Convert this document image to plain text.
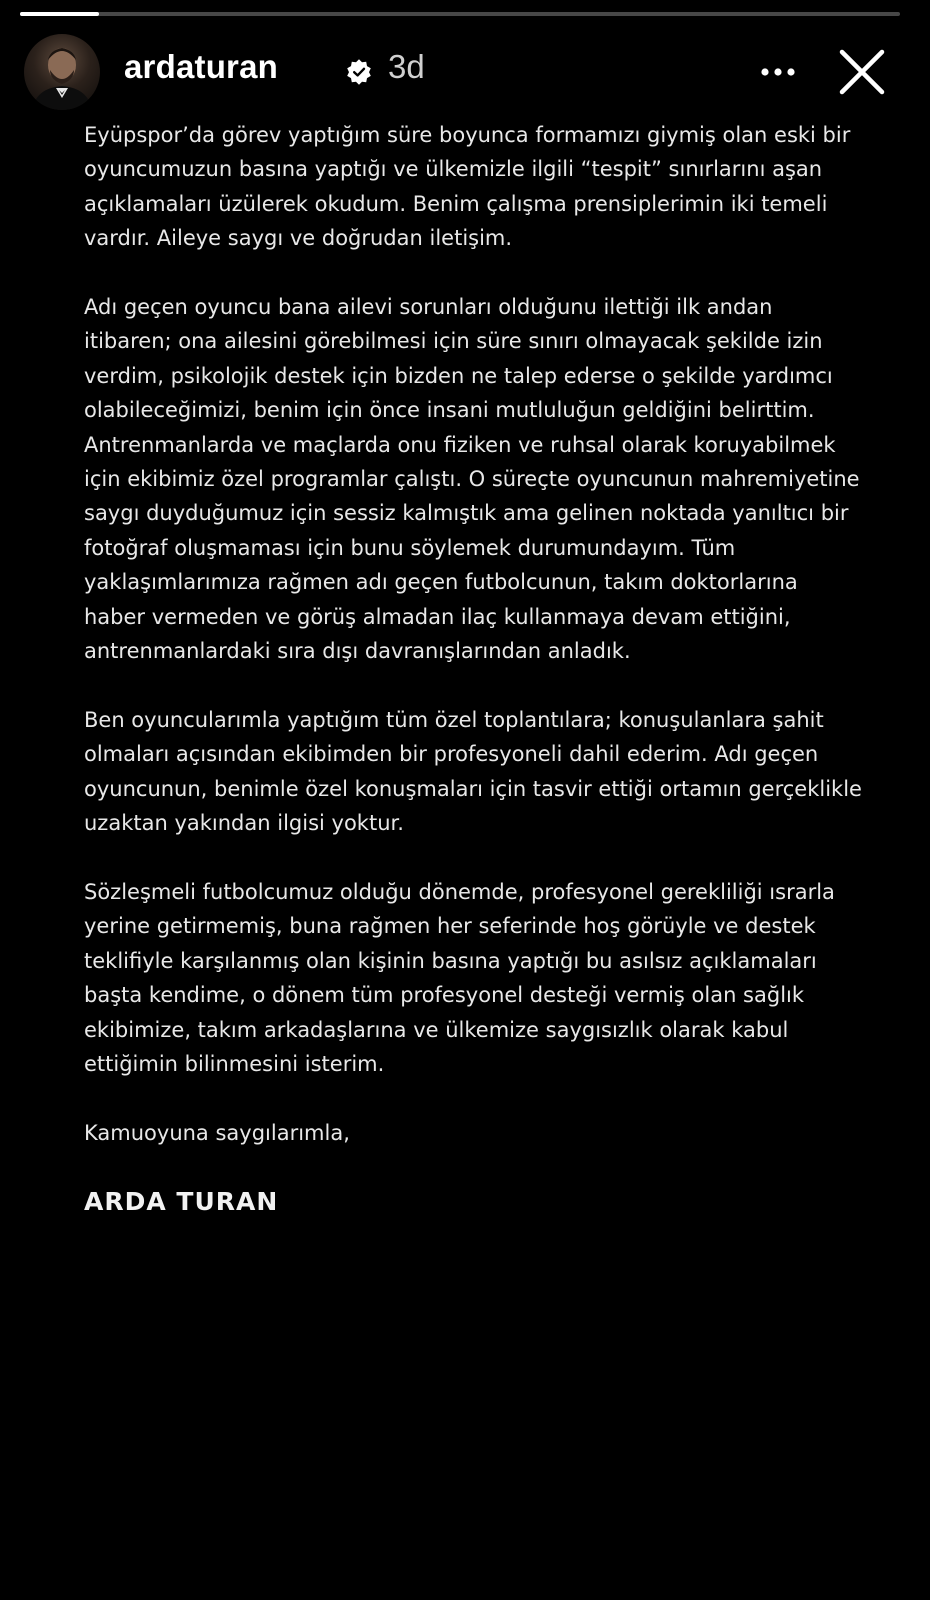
ardaturan	3d

Eyüpspor’da görev yaptığım süre boyunca formamızı giymiş olan eski bir oyuncumuzun basına yaptığı ve ülkemizle ilgili “tespit” sınırlarını aşan açıklamaları üzülerek okudum. Benim çalışma prensiplerimin iki temeli vardır. Aileye saygı ve doğrudan iletişim.

Adı geçen oyuncu bana ailevi sorunları olduğunu ilettiği ilk andan itibaren; ona ailesini görebilmesi için süre sınırı olmayacak şekilde izin verdim, psikolojik destek için bizden ne talep ederse o şekilde yardımcı olabileceğimizi, benim için önce insani mutluluğun geldiğini belirttim. Antrenmanlarda ve maçlarda onu fiziken ve ruhsal olarak koruyabilmek için ekibimiz özel programlar çalıştı. O süreçte oyuncunun mahremiyetine saygı duyduğumuz için sessiz kalmıştık ama gelinen noktada yanıltıcı bir fotoğraf oluşmaması için bunu söylemek durumundayım. Tüm yaklaşımlarımıza rağmen adı geçen futbolcunun, takım doktorlarına haber vermeden ve görüş almadan ilaç kullanmaya devam ettiğini, antrenmanlardaki sıra dışı davranışlarından anladık.

Ben oyuncularımla yaptığım tüm özel toplantılara; konuşulanlara şahit olmaları açısından ekibimden bir profesyoneli dahil ederim. Adı geçen oyuncunun, benimle özel konuşmaları için tasvir ettiği ortamın gerçeklikle uzaktan yakından ilgisi yoktur.

Sözleşmeli futbolcumuz olduğu dönemde, profesyonel gerekliliği ısrarla yerine getirmemiş, buna rağmen her seferinde hoş görüyle ve destek teklifiyle karşılanmış olan kişinin basına yaptığı bu asılsız açıklamaları başta kendime, o dönem tüm profesyonel desteği vermiş olan sağlık ekibimize, takım arkadaşlarına ve ülkemize saygısızlık olarak kabul ettiğimin bilinmesini isterim.

Kamuoyuna saygılarımla,

ARDA TURAN
